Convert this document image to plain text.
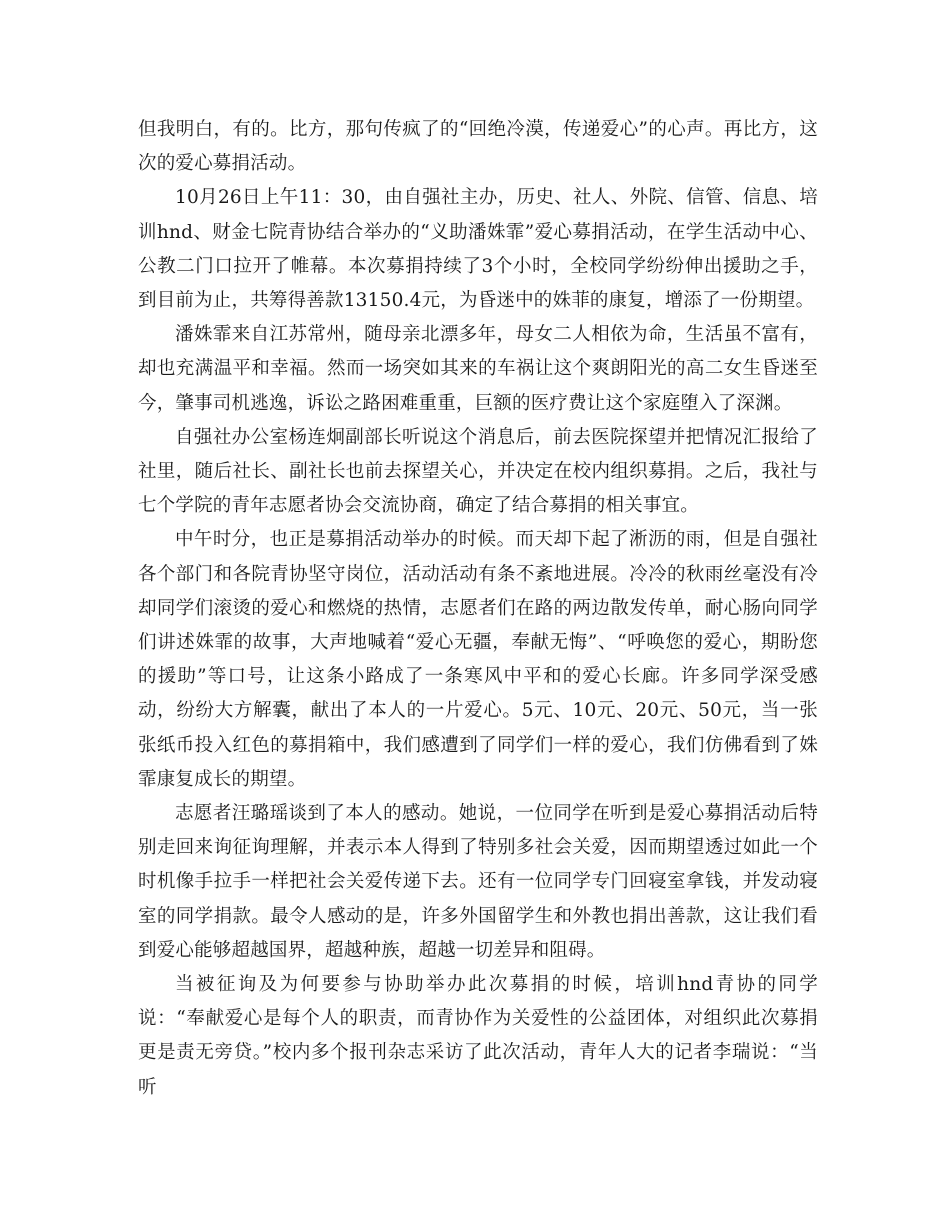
但我明白，有的。比方，那句传疯了的“回绝冷漠，传递爱心”的心声。再比方，这次的爱心募捐活动。

10月26日上午11：30，由自强社主办，历史、社人、外院、信管、信息、培训hnd、财金七院青协结合举办的“义助潘姝霏”爱心募捐活动，在学生活动中心、公教二门口拉开了帷幕。本次募捐持续了3个小时，全校同学纷纷伸出援助之手，到目前为止，共筹得善款13150.4元，为昏迷中的姝菲的康复，增添了一份期望。

潘姝霏来自江苏常州，随母亲北漂多年，母女二人相依为命，生活虽不富有，却也充满温平和幸福。然而一场突如其来的车祸让这个爽朗阳光的高二女生昏迷至今，肇事司机逃逸，诉讼之路困难重重，巨额的医疗费让这个家庭堕入了深渊。

自强社办公室杨连炯副部长听说这个消息后，前去医院探望并把情况汇报给了社里，随后社长、副社长也前去探望关心，并决定在校内组织募捐。之后，我社与七个学院的青年志愿者协会交流协商，确定了结合募捐的相关事宜。

中午时分，也正是募捐活动举办的时候。而天却下起了淅沥的雨，但是自强社各个部门和各院青协坚守岗位，活动活动有条不紊地进展。冷冷的秋雨丝毫没有冷却同学们滚烫的爱心和燃烧的热情，志愿者们在路的两边散发传单，耐心肠向同学们讲述姝霏的故事，大声地喊着“爱心无疆，奉献无悔”、“呼唤您的爱心，期盼您的援助”等口号，让这条小路成了一条寒风中平和的爱心长廊。许多同学深受感动，纷纷大方解囊，献出了本人的一片爱心。5元、10元、20元、50元，当一张张纸币投入红色的募捐箱中，我们感遭到了同学们一样的爱心，我们仿佛看到了姝霏康复成长的期望。

志愿者汪璐瑶谈到了本人的感动。她说，一位同学在听到是爱心募捐活动后特别走回来询征询理解，并表示本人得到了特别多社会关爱，因而期望透过如此一个时机像手拉手一样把社会关爱传递下去。还有一位同学专门回寝室拿钱，并发动寝室的同学捐款。最令人感动的是，许多外国留学生和外教也捐出善款，这让我们看到爱心能够超越国界，超越种族，超越一切差异和阻碍。

当被征询及为何要参与协助举办此次募捐的时候，培训hnd青协的同学说：“奉献爱心是每个人的职责，而青协作为关爱性的公益团体，对组织此次募捐更是责无旁贷。”校内多个报刊杂志采访了此次活动，青年人大的记者李瑞说：“当听
